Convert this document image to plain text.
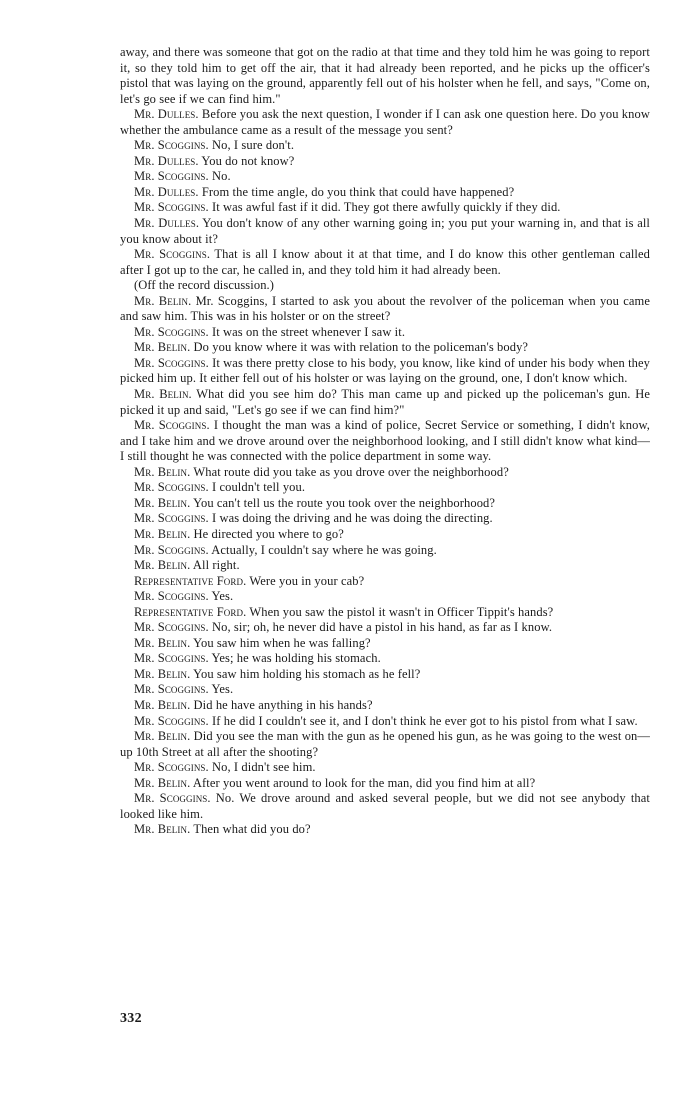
away, and there was someone that got on the radio at that time and they told him he was going to report it, so they told him to get off the air, that it had already been reported, and he picks up the officer's pistol that was laying on the ground, apparently fell out of his holster when he fell, and says, "Come on, let's go see if we can find him."

Mr. Dulles. Before you ask the next question, I wonder if I can ask one question here. Do you know whether the ambulance came as a result of the message you sent?

Mr. Scoggins. No, I sure don't.

Mr. Dulles. You do not know?

Mr. Scoggins. No.

Mr. Dulles. From the time angle, do you think that could have happened?

Mr. Scoggins. It was awful fast if it did. They got there awfully quickly if they did.

Mr. Dulles. You don't know of any other warning going in; you put your warning in, and that is all you know about it?

Mr. Scoggins. That is all I know about it at that time, and I do know this other gentleman called after I got up to the car, he called in, and they told him it had already been.

(Off the record discussion.)

Mr. Belin. Mr. Scoggins, I started to ask you about the revolver of the policeman when you came and saw him. This was in his holster or on the street?

Mr. Scoggins. It was on the street whenever I saw it.

Mr. Belin. Do you know where it was with relation to the policeman's body?

Mr. Scoggins. It was there pretty close to his body, you know, like kind of under his body when they picked him up. It either fell out of his holster or was laying on the ground, one, I don't know which.

Mr. Belin. What did you see him do? This man came up and picked up the policeman's gun. He picked it up and said, "Let's go see if we can find him?"

Mr. Scoggins. I thought the man was a kind of police, Secret Service or something, I didn't know, and I take him and we drove around over the neighborhood looking, and I still didn't know what kind—I still thought he was connected with the police department in some way.

Mr. Belin. What route did you take as you drove over the neighborhood?

Mr. Scoggins. I couldn't tell you.

Mr. Belin. You can't tell us the route you took over the neighborhood?

Mr. Scoggins. I was doing the driving and he was doing the directing.

Mr. Belin. He directed you where to go?

Mr. Scoggins. Actually, I couldn't say where he was going.

Mr. Belin. All right.

Representative Ford. Were you in your cab?

Mr. Scoggins. Yes.

Representative Ford. When you saw the pistol it wasn't in Officer Tippit's hands?

Mr. Scoggins. No, sir; oh, he never did have a pistol in his hand, as far as I know.

Mr. Belin. You saw him when he was falling?

Mr. Scoggins. Yes; he was holding his stomach.

Mr. Belin. You saw him holding his stomach as he fell?

Mr. Scoggins. Yes.

Mr. Belin. Did he have anything in his hands?

Mr. Scoggins. If he did I couldn't see it, and I don't think he ever got to his pistol from what I saw.

Mr. Belin. Did you see the man with the gun as he opened his gun, as he was going to the west on—up 10th Street at all after the shooting?

Mr. Scoggins. No, I didn't see him.

Mr. Belin. After you went around to look for the man, did you find him at all?

Mr. Scoggins. No. We drove around and asked several people, but we did not see anybody that looked like him.

Mr. Belin. Then what did you do?

332
